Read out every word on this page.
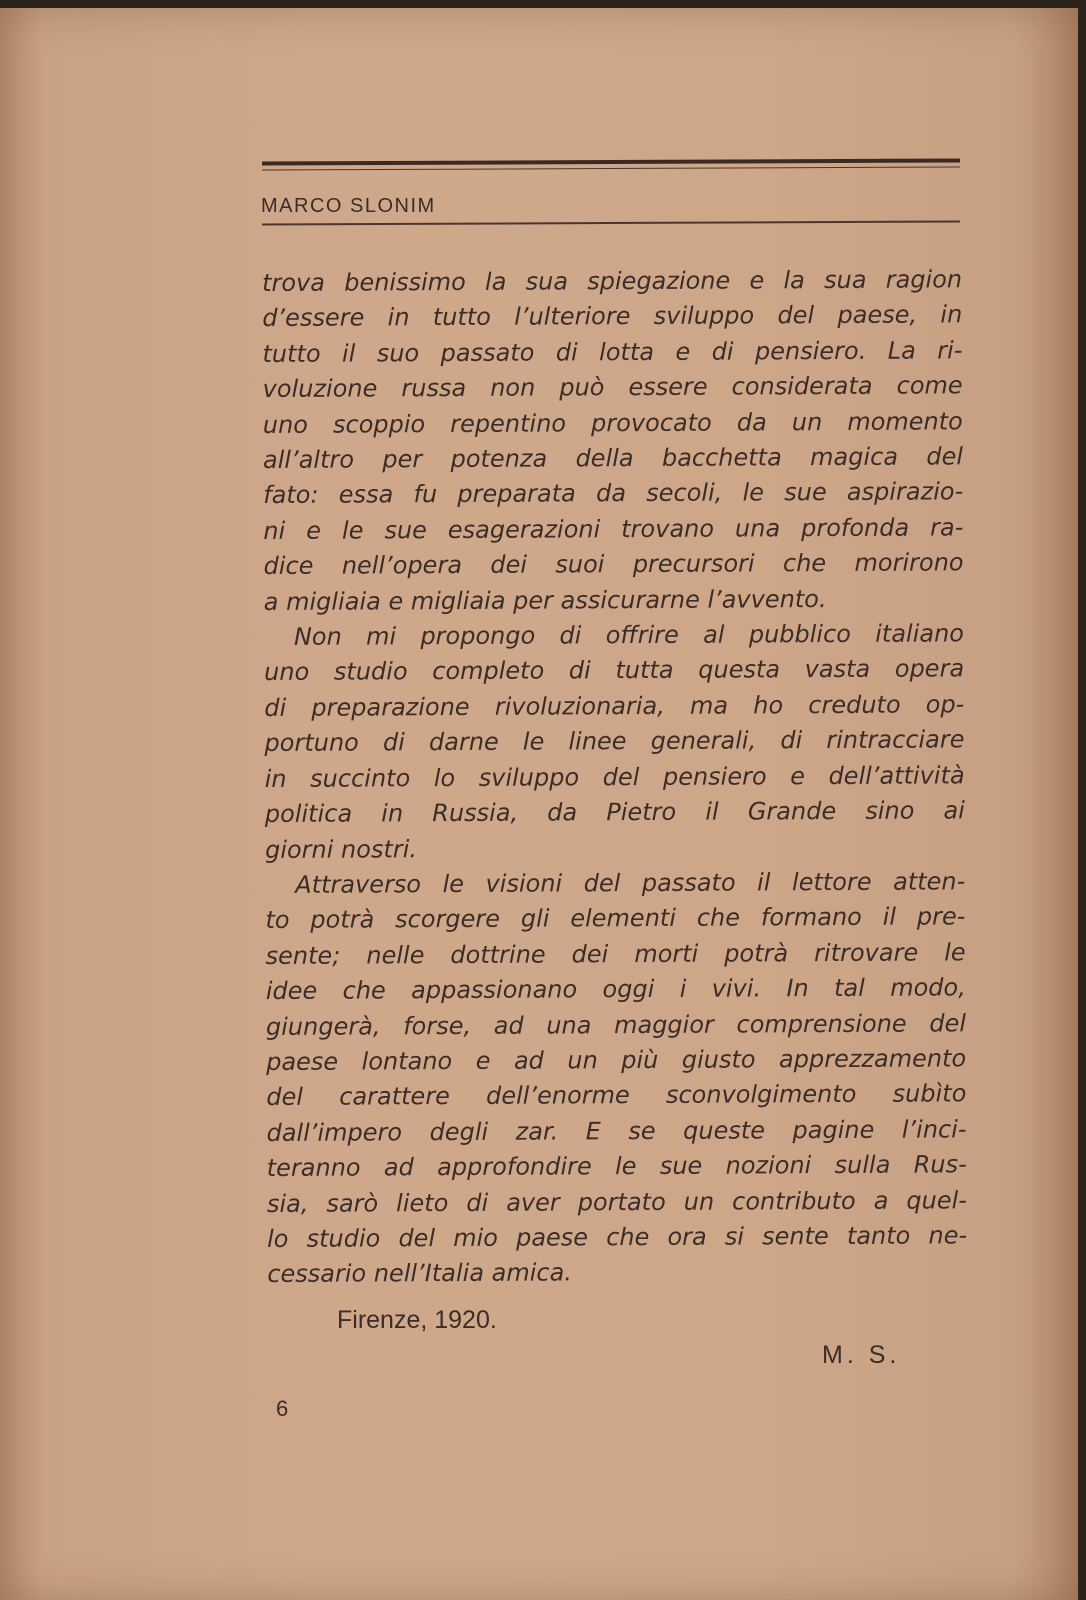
MARCO SLONIM
trova benissimo la sua spiegazione e la sua ragion
d’essere in tutto l’ulteriore sviluppo del paese, in
tutto il suo passato di lotta e di pensiero. La ri-
voluzione russa non può essere considerata come
uno scoppio repentino provocato da un momento
all’altro per potenza della bacchetta magica del
fato: essa fu preparata da secoli, le sue aspirazio-
ni e le sue esagerazioni trovano una profonda ra-
dice nell’opera dei suoi precursori che morirono
a migliaia e migliaia per assicurarne l’avvento.
Non mi propongo di offrire al pubblico italiano
uno studio completo di tutta questa vasta opera
di preparazione rivoluzionaria, ma ho creduto op-
portuno di darne le linee generali, di rintracciare
in succinto lo sviluppo del pensiero e dell’attività
politica in Russia, da Pietro il Grande sino ai
giorni nostri.
Attraverso le visioni del passato il lettore atten-
to potrà scorgere gli elementi che formano il pre-
sente; nelle dottrine dei morti potrà ritrovare le
idee che appassionano oggi i vivi. In tal modo,
giungerà, forse, ad una maggior comprensione del
paese lontano e ad un più giusto apprezzamento
del carattere dell’enorme sconvolgimento subìto
dall’impero degli zar. E se queste pagine l’inci-
teranno ad approfondire le sue nozioni sulla Rus-
sia, sarò lieto di aver portato un contributo a quel-
lo studio del mio paese che ora si sente tanto ne-
cessario nell’Italia amica.
Firenze, 1920.
M. S.
6
